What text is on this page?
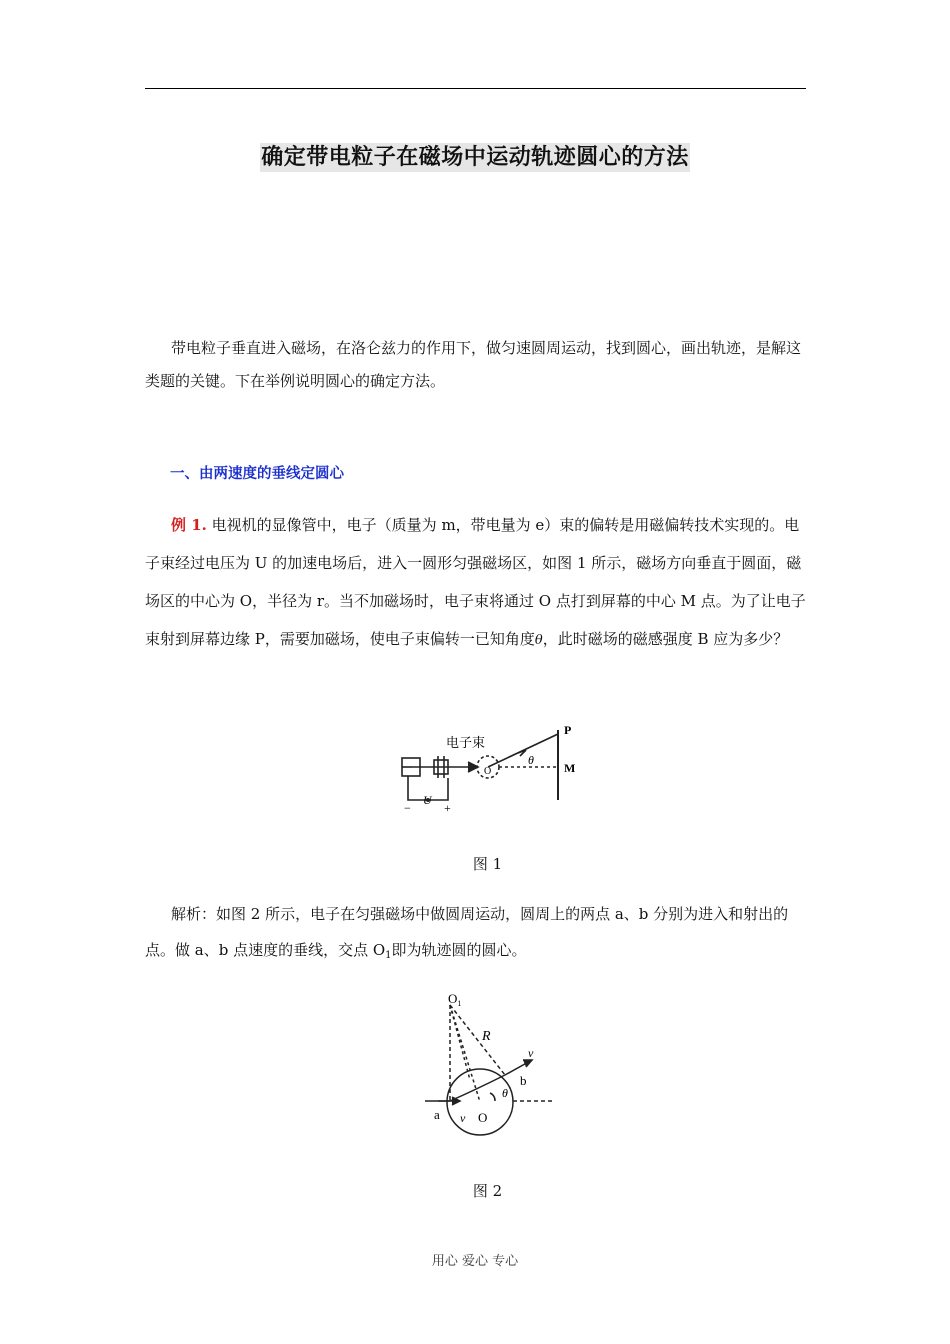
确定带电粒子在磁场中运动轨迹圆心的方法
带电粒子垂直进入磁场，在洛仑兹力的作用下，做匀速圆周运动，找到圆心，画出轨迹，是解这类题的关键。下在举例说明圆心的确定方法。
一、由两速度的垂线定圆心
例 1. 电视机的显像管中，电子（质量为 m，带电量为 e）束的偏转是用磁偏转技术实现的。电子束经过电压为 U 的加速电场后，进入一圆形匀强磁场区，如图 1 所示，磁场方向垂直于圆面，磁场区的中心为 O，半径为 r。当不加磁场时，电子束将通过 O 点打到屏幕的中心 M 点。为了让电子束射到屏幕边缘 P，需要加磁场，使电子束偏转一已知角度θ，此时磁场的磁感强度 B 应为多少？
电子束
P
M
θ
O
U
−	+
图 1
解析：如图 2 所示，电子在匀强磁场中做圆周运动，圆周上的两点 a、b 分别为进入和射出的点。做 a、b 点速度的垂线，交点 $O_1$即为轨迹圆的圆心。
$O_1$
R
v
b
θ
a v O
图 2
用心 爱心 专心
